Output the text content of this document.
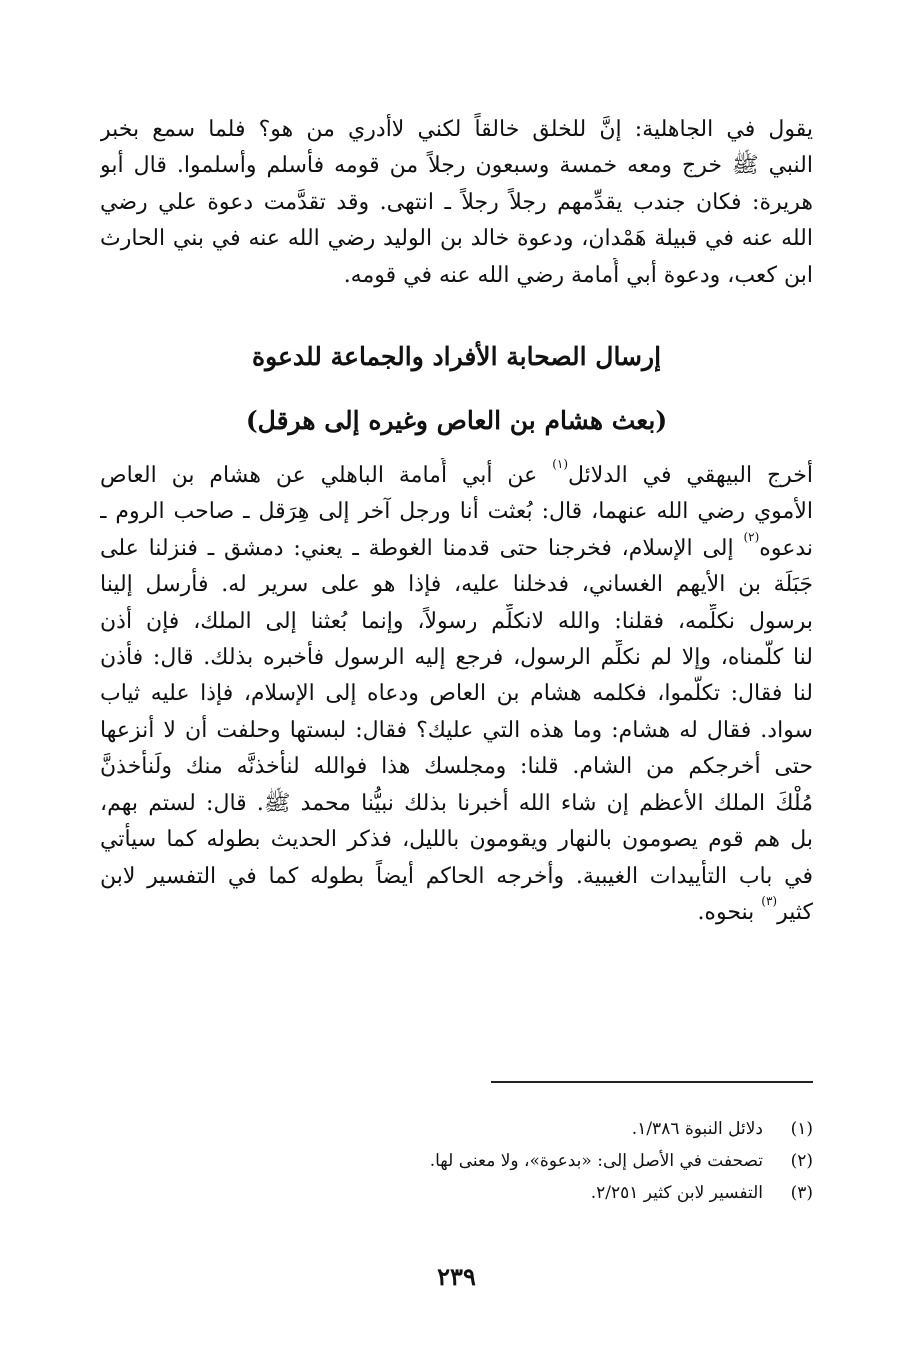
يقول في الجاهلية: إنَّ للخلق خالقاً لكني لاأدري من هو؟ فلما سمع بخبر
النبي ﷺ خرج ومعه خمسة وسبعون رجلاً من قومه فأسلم وأسلموا. قال أبو
هريرة: فكان جندب يقدِّمهم رجلاً رجلاً ـ انتهى. وقد تقدَّمت دعوة علي رضي
الله عنه في قبيلة هَمْدان، ودعوة خالد بن الوليد رضي الله عنه في بني الحارث
ابن كعب، ودعوة أبي أُمامة رضي الله عنه في قومه.
إرسال الصحابة الأفراد والجماعة للدعوة
(بعث هشام بن العاص وغيره إلى هرقل)
أخرج البيهقي في الدلائل$^{(١)}$ عن أبي أُمامة الباهلي عن هشام بن العاص
الأموي رضي الله عنهما، قال: بُعثت أنا ورجل آخر إلى هِرَقل ـ صاحب الروم ـ
ندعوه$^{(٢)}$ إلى الإسلام، فخرجنا حتى قدمنا الغوطة ـ يعني: دمشق ـ فنزلنا على
جَبَلَة بن الأيهم الغساني، فدخلنا عليه، فإذا هو على سرير له. فأرسل إلينا
برسول نكلِّمه، فقلنا: والله لانكلِّم رسولاً، وإنما بُعثنا إلى الملك، فإن أذن
لنا كلَّمناه، وإلا لم نكلِّم الرسول، فرجع إليه الرسول فأخبره بذلك. قال: فأذن
لنا فقال: تكلَّموا، فكلمه هشام بن العاص ودعاه إلى الإسلام، فإذا عليه ثياب
سواد. فقال له هشام: وما هذه التي عليك؟ فقال: لبستها وحلفت أن لا أنزعها
حتى أخرجكم من الشام. قلنا: ومجلسك هذا فوالله لنأخذنَّه منك ولَنأخذنَّ
مُلْكَ الملك الأعظم إن شاء الله أخبرنا بذلك نبيُّنا محمد ﷺ. قال: لستم بهم،
بل هم قوم يصومون بالنهار ويقومون بالليل، فذكر الحديث بطوله كما سيأتي
في باب التأييدات الغيبية. وأخرجه الحاكم أيضاً بطوله كما في التفسير لابن
كثير$^{(٣)}$ بنحوه.
(١)دلائل النبوة ١/٣٨٦.
(٢)تصحفت في الأصل إلى: «بدعوة»، ولا معنى لها.
(٣)التفسير لابن كثير ٢/٢٥١.
٢٣٩
